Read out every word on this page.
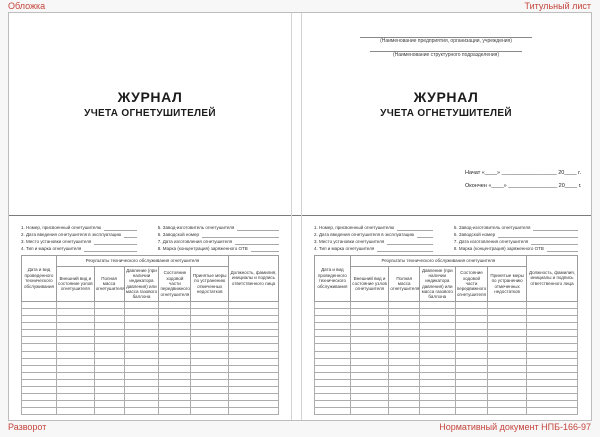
Обложка	Титульный лист
Разворот	Нормативный документ НПБ-166-97
ЖУРНАЛ
УЧЕТА ОГНЕТУШИТЕЛЕЙ
(Наименование предприятия, организации, учреждения)
(Наименование структурного подразделения)
ЖУРНАЛ
УЧЕТА ОГНЕТУШИТЕЛЕЙ
Начат «____» __________________ 20____ г.
Окончен «____» ________________ 20____ г.
1. Номер, присвоенный огнетушителю
2. Дата введения огнетушителя в эксплуатацию
3. Место установки огнетушителя
4. Тип и марка огнетушителя
5. Завод-изготовитель огнетушителя
6. Заводской номер
7. Дата изготовления огнетушителя
8. Марка (концентрация) заряженного ОТВ
Дата и вид проведенного технического обслуживания	Результаты технического обслуживания огнетушителя					Должность, фамилия, инициалы и подпись ответственного лица
	Внешний вид и состояние узлов огнетушителя	Полная масса огнетушителя	Давление (при наличии индикатора давления) или масса газового баллона	Состояние ходовой части передвижного огнетушителя	Принятые меры по устранению отмеченных недостатков	

1. Номер, присвоенный огнетушителю
2. Дата введения огнетушителя в эксплуатацию
3. Место установки огнетушителя
4. Тип и марка огнетушителя
5. Завод-изготовитель огнетушителя
6. Заводской номер
7. Дата изготовления огнетушителя
8. Марка (концентрация) заряженного ОТВ
Дата и вид проведенного технического обслуживания	Результаты технического обслуживания огнетушителя					Должность, фамилия, инициалы и подпись ответственного лица
	Внешний вид и состояние узлов огнетушителя	Полная масса огнетушителя	Давление (при наличии индикатора давления) или масса газового баллона	Состояние ходовой части передвижного огнетушителя	Принятые меры по устранению отмеченных недостатков	
